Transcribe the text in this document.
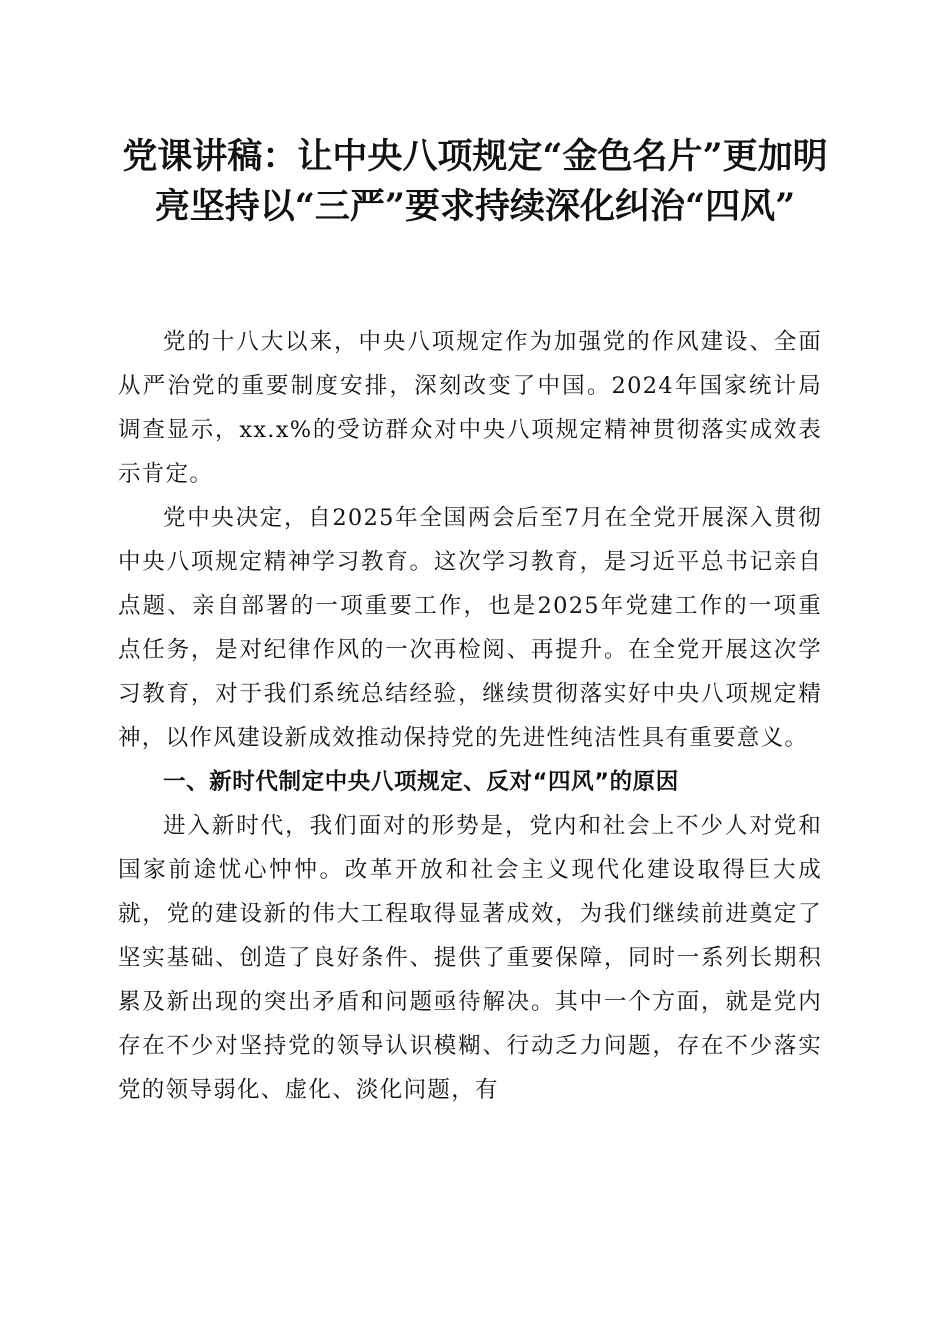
党课讲稿：让中央八项规定“金色名片”更加明亮坚持以“三严”要求持续深化纠治“四风”

党的十八大以来，中央八项规定作为加强党的作风建设、全面从严治党的重要制度安排，深刻改变了中国。2024年国家统计局调查显示，xx.x%的受访群众对中央八项规定精神贯彻落实成效表示肯定。

党中央决定，自2025年全国两会后至7月在全党开展深入贯彻中央八项规定精神学习教育。这次学习教育，是习近平总书记亲自点题、亲自部署的一项重要工作，也是2025年党建工作的一项重点任务，是对纪律作风的一次再检阅、再提升。在全党开展这次学习教育，对于我们系统总结经验，继续贯彻落实好中央八项规定精神，以作风建设新成效推动保持党的先进性纯洁性具有重要意义。

一、新时代制定中央八项规定、反对“四风”的原因

进入新时代，我们面对的形势是，党内和社会上不少人对党和国家前途忧心忡忡。改革开放和社会主义现代化建设取得巨大成就，党的建设新的伟大工程取得显著成效，为我们继续前进奠定了坚实基础、创造了良好条件、提供了重要保障，同时一系列长期积累及新出现的突出矛盾和问题亟待解决。其中一个方面，就是党内存在不少对坚持党的领导认识模糊、行动乏力问题，存在不少落实党的领导弱化、虚化、淡化问题，有
